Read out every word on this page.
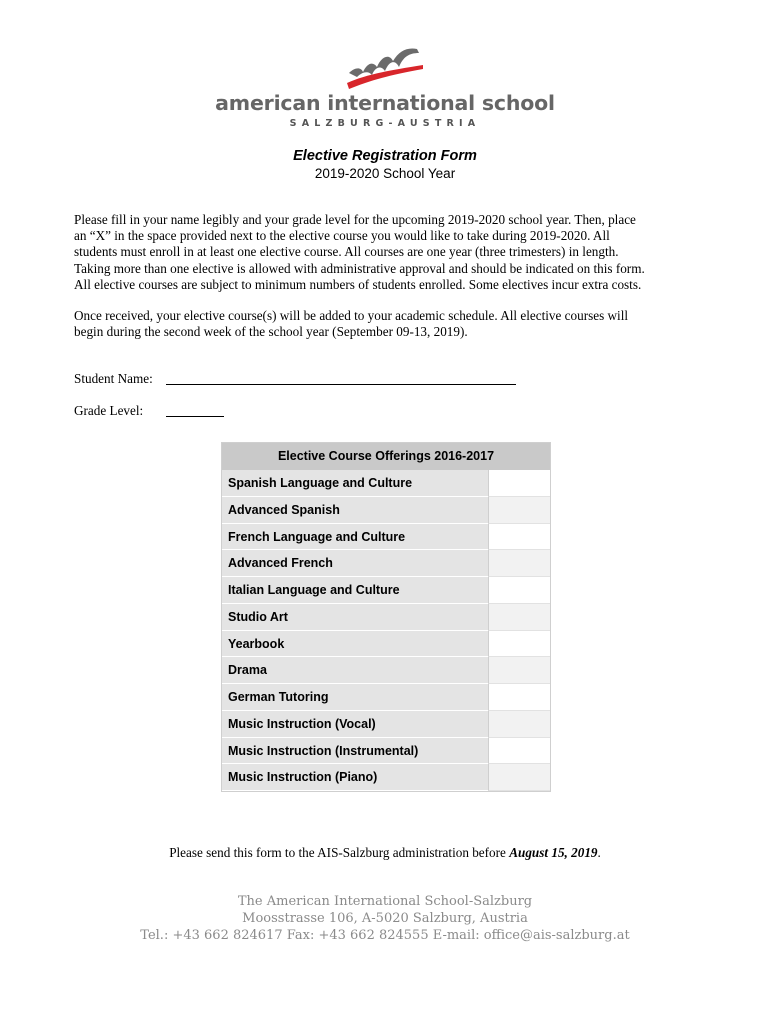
american international school
SALZBURG-AUSTRIA
Elective Registration Form
2019-2020 School Year
Please fill in your name legibly and your grade level for the upcoming 2019-2020 school year. Then, place
an “X” in the space provided next to the elective course you would like to take during 2019-2020. All
students must enroll in at least one elective course. All courses are one year (three trimesters) in length.
Taking more than one elective is allowed with administrative approval and should be indicated on this form.
All elective courses are subject to minimum numbers of students enrolled. Some electives incur extra costs.
Once received, your elective course(s) will be added to your academic schedule. All elective courses will
begin during the second week of the school year (September 09-13, 2019).
Student Name:
Grade Level:
Elective Course Offerings 2016-2017
Spanish Language and Culture
Advanced Spanish
French Language and Culture
Advanced French
Italian Language and Culture
Studio Art
Yearbook
Drama
German Tutoring
Music Instruction (Vocal)
Music Instruction (Instrumental)
Music Instruction (Piano)
Please send this form to the AIS-Salzburg administration before August 15, 2019.
The American International School-Salzburg
Moosstrasse 106, A-5020 Salzburg, Austria
Tel.: +43 662 824617 Fax: +43 662 824555 E-mail: office@ais-salzburg.at
